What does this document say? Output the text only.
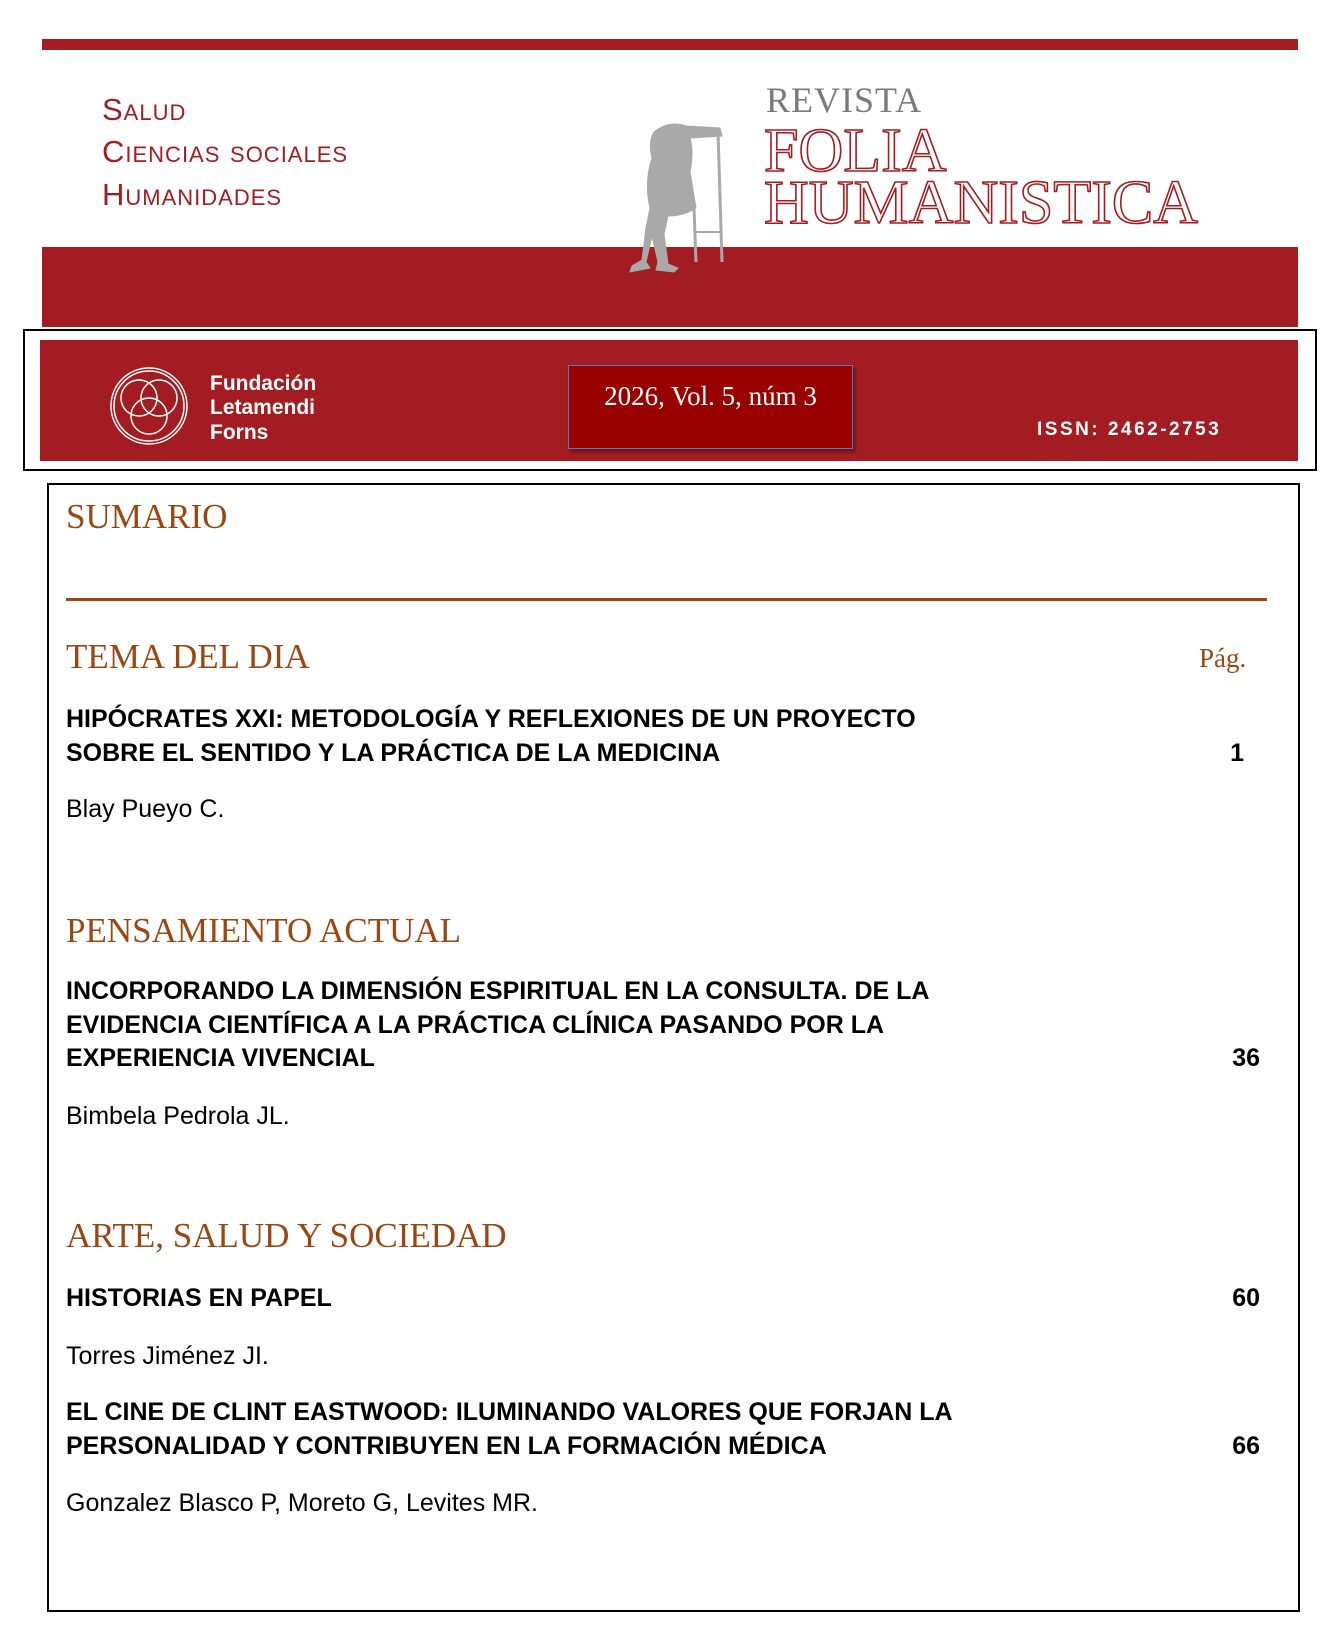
Salud
Ciencias sociales
Humanidades
REVISTA
FOLIA
HUMANISTICA
Fundación
Letamendi
Forns
2026, Vol. 5, núm 3
ISSN: 2462-2753
SUMARIO
Pág.
TEMA DEL DIA
HIPÓCRATES XXI: METODOLOGÍA Y REFLEXIONES DE UN PROYECTO
SOBRE EL SENTIDO Y LA PRÁCTICA DE LA MEDICINA	1
Blay Pueyo C.
PENSAMIENTO ACTUAL
INCORPORANDO LA DIMENSIÓN ESPIRITUAL EN LA CONSULTA. DE LA
EVIDENCIA CIENTÍFICA A LA PRÁCTICA CLÍNICA PASANDO POR LA
EXPERIENCIA VIVENCIAL	36
Bimbela Pedrola JL.
ARTE, SALUD Y SOCIEDAD
HISTORIAS EN PAPEL	60
Torres Jiménez JI.
EL CINE DE CLINT EASTWOOD: ILUMINANDO VALORES QUE FORJAN LA
PERSONALIDAD Y CONTRIBUYEN EN LA FORMACIÓN MÉDICA	66
Gonzalez Blasco P, Moreto G, Levites MR.
